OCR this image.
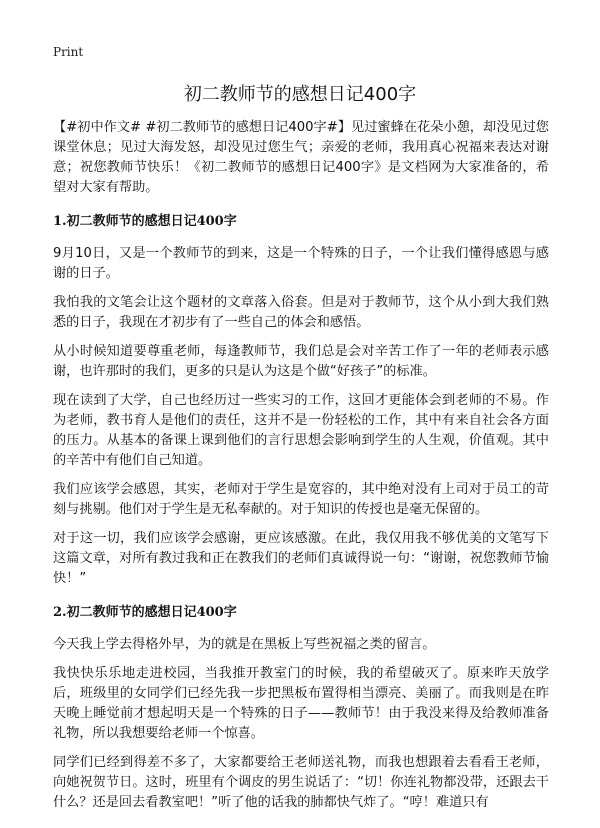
Print
初二教师节的感想日记400字

【#初中作文# #初二教师节的感想日记400字#】见过蜜蜂在花朵小憩，却没见过您课堂休息；见过大海发怒，却没见过您生气；亲爱的老师，我用真心祝福来表达对谢意；祝您教师节快乐！《初二教师节的感想日记400字》是文档网为大家准备的，希望对大家有帮助。

1.初二教师节的感想日记400字

9月10日，又是一个教师节的到来，这是一个特殊的日子，一个让我们懂得感恩与感谢的日子。

我怕我的文笔会让这个题材的文章落入俗套。但是对于教师节，这个从小到大我们熟悉的日子，我现在才初步有了一些自己的体会和感悟。

从小时候知道要尊重老师，每逢教师节，我们总是会对辛苦工作了一年的老师表示感谢，也许那时的我们，更多的只是认为这是个做“好孩子”的标准。

现在读到了大学，自己也经历过一些实习的工作，这回才更能体会到老师的不易。作为老师，教书育人是他们的责任，这并不是一份轻松的工作，其中有来自社会各方面的压力。从基本的备课上课到他们的言行思想会影响到学生的人生观，价值观。其中的辛苦中有他们自己知道。

我们应该学会感恩，其实，老师对于学生是宽容的，其中绝对没有上司对于员工的苛刻与挑剔。他们对于学生是无私奉献的。对于知识的传授也是毫无保留的。

对于这一切，我们应该学会感谢，更应该感激。在此，我仅用我不够优美的文笔写下这篇文章，对所有教过我和正在教我们的老师们真诚得说一句：“谢谢，祝您教师节愉快！”

2.初二教师节的感想日记400字

今天我上学去得格外早，为的就是在黑板上写些祝福之类的留言。

我快快乐乐地走进校园，当我推开教室门的时候，我的希望破灭了。原来昨天放学后，班级里的女同学们已经先我一步把黑板布置得相当漂亮、美丽了。而我则是在昨天晚上睡觉前才想起明天是一个特殊的日子——教师节！由于我没来得及给教师准备礼物，所以我想要给老师一个惊喜。

同学们已经到得差不多了，大家都要给王老师送礼物，而我也想跟着去看看王老师，向她祝贺节日。这时，班里有个调皮的男生说话了：“切！你连礼物都没带，还跟去干什么？还是回去看教室吧！”听了他的话我的肺都快气炸了。“哼！难道只有
